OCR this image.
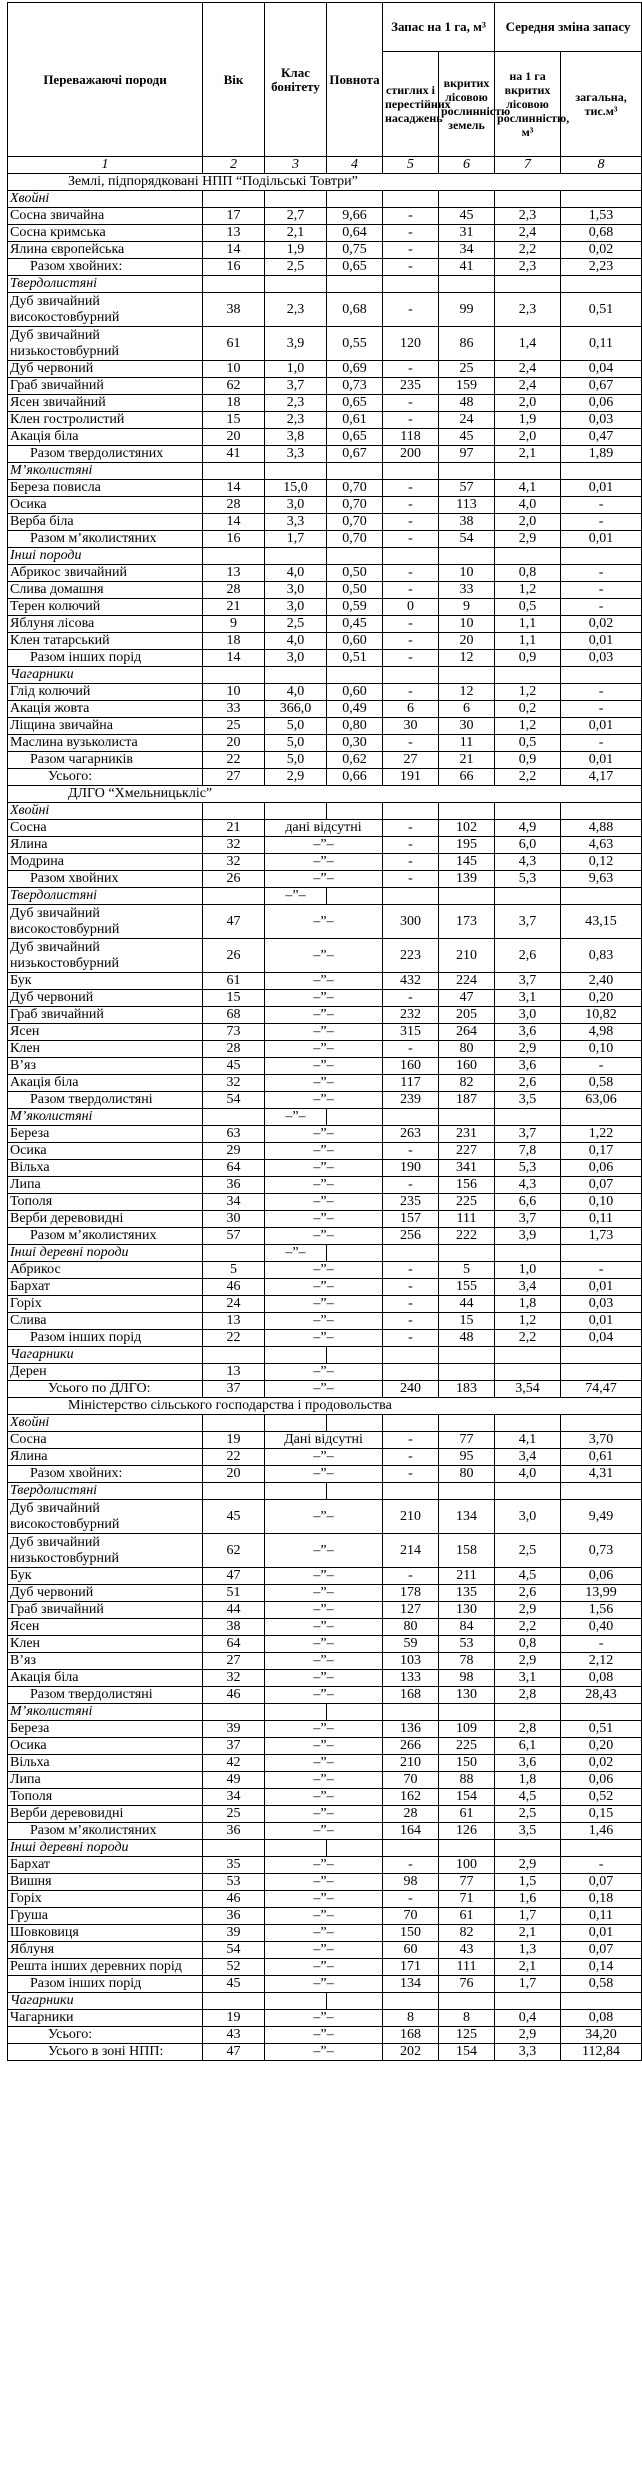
Переважаючі породи	Вік	Клас бонітету	Повнота	Запас на 1 га, м³		Середня зміна запасу	
				стиглих і перестійних насаджень	вкритих лісовою рослинністю земель	на 1 га вкритих лісовою рослинністю, м³	загальна, тис.м³
1	2	3	4	5	6	7	8
Землі, підпорядковані НПП “Подільські Товтри”							
Хвойні							
Сосна звичайна	17	2,7	9,66	-	45	2,3	1,53
Сосна кримська	13	2,1	0,64	-	31	2,4	0,68
Ялина європейська	14	1,9	0,75	-	34	2,2	0,02
Разом хвойних:	16	2,5	0,65	-	41	2,3	2,23
Твердолистяні							
Дуб звичайний високостовбурний	38	2,3	0,68	-	99	2,3	0,51
Дуб звичайний низькостовбурний	61	3,9	0,55	120	86	1,4	0,11
Дуб червоний	10	1,0	0,69	-	25	2,4	0,04
Граб звичайний	62	3,7	0,73	235	159	2,4	0,67
Ясен звичайний	18	2,3	0,65	-	48	2,0	0,06
Клен гостролистий	15	2,3	0,61	-	24	1,9	0,03
Акація біла	20	3,8	0,65	118	45	2,0	0,47
Разом твердолистяних	41	3,3	0,67	200	97	2,1	1,89
М’яколистяні							
Береза повисла	14	15,0	0,70	-	57	4,1	0,01
Осика	28	3,0	0,70	-	113	4,0	-
Верба біла	14	3,3	0,70	-	38	2,0	-
Разом м’яколистяних	16	1,7	0,70	-	54	2,9	0,01
Інші породи							
Абрикос звичайний	13	4,0	0,50	-	10	0,8	-
Слива домашня	28	3,0	0,50	-	33	1,2	-
Терен колючий	21	3,0	0,59	0	9	0,5	-
Яблуня лісова	9	2,5	0,45	-	10	1,1	0,02
Клен татарський	18	4,0	0,60	-	20	1,1	0,01
Разом інших порід	14	3,0	0,51	-	12	0,9	0,03
Чагарники							
Глід колючий	10	4,0	0,60	-	12	1,2	-
Акація жовта	33	366,0	0,49	6	6	0,2	-
Ліщина звичайна	25	5,0	0,80	30	30	1,2	0,01
Маслина вузьколиста	20	5,0	0,30	-	11	0,5	-
Разом чагарників	22	5,0	0,62	27	21	0,9	0,01
Усього:	27	2,9	0,66	191	66	2,2	4,17
ДЛГО “Хмельницькліс”							
Хвойні							
Сосна	21	дані відсутні		-	102	4,9	4,88
Ялина	32	–”–		-	195	6,0	4,63
Модрина	32	–”–		-	145	4,3	0,12
Разом хвойних	26	–”–		-	139	5,3	9,63
Твердолистяні		–”–					
Дуб звичайний високостовбурний	47	–”–		300	173	3,7	43,15
Дуб звичайний низькостовбурний	26	–”–		223	210	2,6	0,83
Бук	61	–”–		432	224	3,7	2,40
Дуб червоний	15	–”–		-	47	3,1	0,20
Граб звичайний	68	–”–		232	205	3,0	10,82
Ясен	73	–”–		315	264	3,6	4,98
Клен	28	–”–		-	80	2,9	0,10
В’яз	45	–”–		160	160	3,6	-
Акація біла	32	–”–		117	82	2,6	0,58
Разом твердолистяні	54	–”–		239	187	3,5	63,06
М’яколистяні		–”–					
Береза	63	–”–		263	231	3,7	1,22
Осика	29	–”–		-	227	7,8	0,17
Вільха	64	–”–		190	341	5,3	0,06
Липа	36	–”–		-	156	4,3	0,07
Тополя	34	–”–		235	225	6,6	0,10
Верби деревовидні	30	–”–		157	111	3,7	0,11
Разом м’яколистяних	57	–”–		256	222	3,9	1,73
Інші деревні породи		–”–					
Абрикос	5	–”–		-	5	1,0	-
Бархат	46	–”–		-	155	3,4	0,01
Горіх	24	–”–		-	44	1,8	0,03
Слива	13	–”–		-	15	1,2	0,01
Разом інших порід	22	–”–		-	48	2,2	0,04
Чагарники							
Дерен	13	–”–					
Усього по ДЛГО:	37	–”–		240	183	3,54	74,47
Міністерство сільського господарства і продовольства							
Хвойні							
Сосна	19	Дані відсутні		-	77	4,1	3,70
Ялина	22	–”–		-	95	3,4	0,61
Разом хвойних:	20	–”–		-	80	4,0	4,31
Твердолистяні							
Дуб звичайний високостовбурний	45	–”–		210	134	3,0	9,49
Дуб звичайний низькостовбурний	62	–”–		214	158	2,5	0,73
Бук	47	–”–		-	211	4,5	0,06
Дуб червоний	51	–”–		178	135	2,6	13,99
Граб звичайний	44	–”–		127	130	2,9	1,56
Ясен	38	–”–		80	84	2,2	0,40
Клен	64	–”–		59	53	0,8	-
В’яз	27	–”–		103	78	2,9	2,12
Акація біла	32	–”–		133	98	3,1	0,08
Разом твердолистяні	46	–”–		168	130	2,8	28,43
М’яколистяні							
Береза	39	–”–		136	109	2,8	0,51
Осика	37	–”–		266	225	6,1	0,20
Вільха	42	–”–		210	150	3,6	0,02
Липа	49	–”–		70	88	1,8	0,06
Тополя	34	–”–		162	154	4,5	0,52
Верби деревовидні	25	–”–		28	61	2,5	0,15
Разом м’яколистяних	36	–”–		164	126	3,5	1,46
Інші деревні породи							
Бархат	35	–”–		-	100	2,9	-
Вишня	53	–”–		98	77	1,5	0,07
Горіх	46	–”–		-	71	1,6	0,18
Груша	36	–”–		70	61	1,7	0,11
Шовковиця	39	–”–		150	82	2,1	0,01
Яблуня	54	–”–		60	43	1,3	0,07
Решта інших деревних порід	52	–”–		171	111	2,1	0,14
Разом інших порід	45	–”–		134	76	1,7	0,58
Чагарники							
Чагарники	19	–”–		8	8	0,4	0,08
Усього:	43	–”–		168	125	2,9	34,20
Усього в зоні НПП:	47	–”–		202	154	3,3	112,84
